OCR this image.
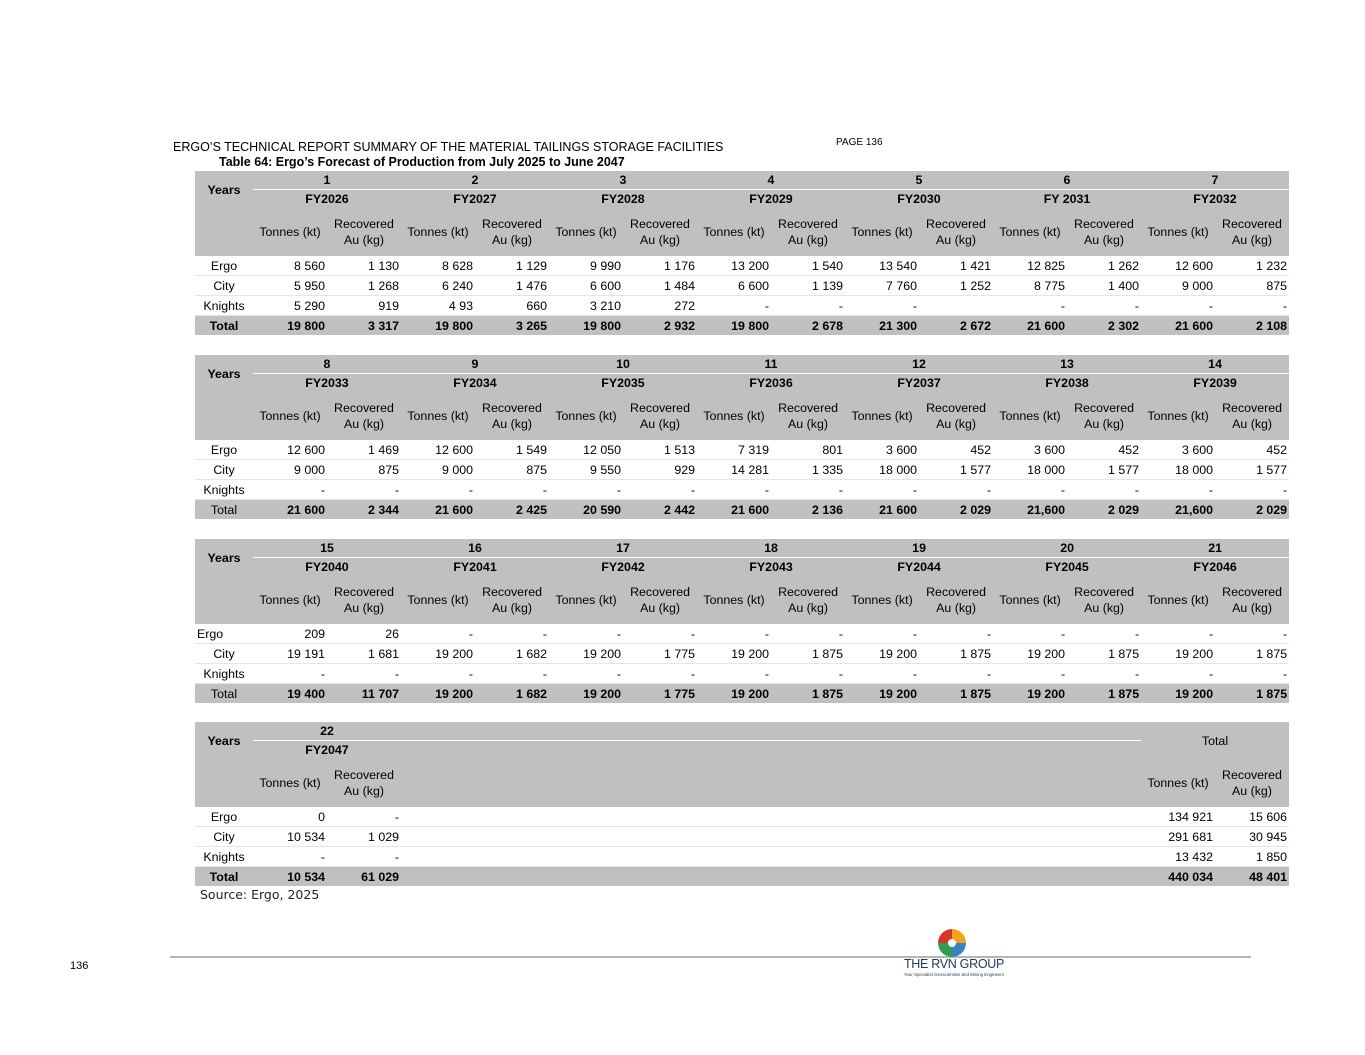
ERGO’S TECHNICAL REPORT SUMMARY OF THE MATERIAL TAILINGS STORAGE FACILITIES	PAGE 136
Table 64: Ergo’s Forecast of Production from July 2025 to June 2047
Years	1		2		3		4		5		6		7	
	FY2026		FY2027		FY2028		FY2029		FY2030		FY 2031		FY2032	
	Tonnes (kt)	Recovered Au (kg)	Tonnes (kt)	Recovered Au (kg)	Tonnes (kt)	Recovered Au (kg)	Tonnes (kt)	Recovered Au (kg)	Tonnes (kt)	Recovered Au (kg)	Tonnes (kt)	Recovered Au (kg)	Tonnes (kt)	Recovered Au (kg)
Ergo	8 560	1 130	8 628	1 129	9 990	1 176	13 200	1 540	13 540	1 421	12 825	1 262	12 600	1 232
City	5 950	1 268	6 240	1 476	6 600	1 484	6 600	1 139	7 760	1 252	8 775	1 400	9 000	875
Knights	5 290	919	4 93	660	3 210	272	-	-	-		-	-	-	-
Total	19 800	3 317	19 800	3 265	19 800	2 932	19 800	2 678	21 300	2 672	21 600	2 302	21 600	2 108
Years	8		9		10		11		12		13		14	
	FY2033		FY2034		FY2035		FY2036		FY2037		FY2038		FY2039	
	Tonnes (kt)	Recovered Au (kg)	Tonnes (kt)	Recovered Au (kg)	Tonnes (kt)	Recovered Au (kg)	Tonnes (kt)	Recovered Au (kg)	Tonnes (kt)	Recovered Au (kg)	Tonnes (kt)	Recovered Au (kg)	Tonnes (kt)	Recovered Au (kg)
Ergo	12 600	1 469	12 600	1 549	12 050	1 513	7 319	801	3 600	452	3 600	452	3 600	452
City	9 000	875	9 000	875	9 550	929	14 281	1 335	18 000	1 577	18 000	1 577	18 000	1 577
Knights	-	-	-	-	-	-	-	-	-	-	-	-	-	-
Total	21 600	2 344	21 600	2 425	20 590	2 442	21 600	2 136	21 600	2 029	21,600	2 029	21,600	2 029
Years	15		16		17		18		19		20		21	
	FY2040		FY2041		FY2042		FY2043		FY2044		FY2045		FY2046	
	Tonnes (kt)	Recovered Au (kg)	Tonnes (kt)	Recovered Au (kg)	Tonnes (kt)	Recovered Au (kg)	Tonnes (kt)	Recovered Au (kg)	Tonnes (kt)	Recovered Au (kg)	Tonnes (kt)	Recovered Au (kg)	Tonnes (kt)	Recovered Au (kg)
Ergo	209	26	-	-	-	-	-	-	-	-	-	-	-	-
City	19 191	1 681	19 200	1 682	19 200	1 775	19 200	1 875	19 200	1 875	19 200	1 875	19 200	1 875
Knights	-	-	-	-	-	-	-	-	-	-	-	-	-	-
Total	19 400	11 707	19 200	1 682	19 200	1 775	19 200	1 875	19 200	1 875	19 200	1 875	19 200	1 875
Years	22			Total	
	FY2047				
	Tonnes (kt)	Recovered Au (kg)		Tonnes (kt)	Recovered Au (kg)
Ergo	0	-		134 921	15 606
City	10 534	1 029		291 681	30 945
Knights	-	-		13 432	1 850
Total	10 534	61 029		440 034	48 401
Source: Ergo, 2025
136	THE RVN GROUP
Your Specialist Geoscientists and Mining Engineers
